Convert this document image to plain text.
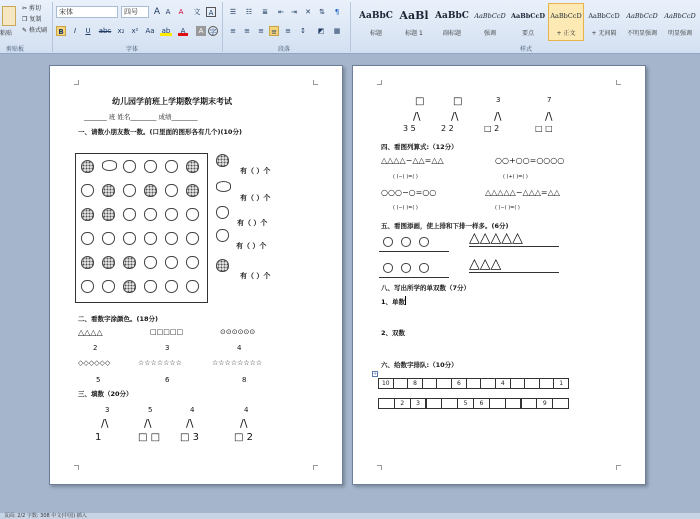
粘贴
✂ 剪切
❐ 复制
✎ 格式刷
剪贴板
宋体	四号	A A	A	文	A
B	I	U	abc x₂ x² Aa ab	A	A 字
字体
☰ ☷ ≣ ⇤ ⇥ ✕ ⇅	¶
≡ ≡ ≡ ≡ ≡ ↕ ◩ ▦
段落
AaBbC
标题
AaBl
标题 1
AaBbC
副标题
AaBbCcD
强调
AaBbCcD
要点
AaBbCcD
+ 正文
AaBbCcD
+ 无间隔
AaBbCcD
不明显强调
AaBbCcD
明显强调
样式
幼儿园学前班上学期数学期末考试
_______ 班 姓名________ 成绩________
一、请数小朋友数一数。(口里面的图形各有几个)(10分)
有（ ）个
有（ ）个
有（ ）个
有（ ）个
有（ ）个
二、看数字涂颜色。(18分)
△△△△	□□□□□	⊙⊙⊙⊙⊙⊙
2	3	4
◇◇◇◇◇◇	☆☆☆☆☆☆☆	☆☆☆☆☆☆☆☆
5	6	8
三、填数（20分）
3
/\
1
5
/\
□ □
4
/\
□ 3
4
/\
□ 2
□
/\
3 5
□
/\
2 2
3
/\
□ 2
7
/\
□ □
四、看图列算式:（12分）
△△△△−△△=△△	○○+○○=○○○○
( )−( )=( )	( )+( )=( )
○○○−○=○○	△△△△△−△△△=△△
( )−( )=( )	( )−( )=( )
五、看图添画，使上排和下排一样多。(6分)
△△△△△
△△△
八、写出所学的单双数（7分）
1、单数
2、双数
六、给数字排队:（10分）
+
10	8	6	4	1
2	3	5	6	9
页面: 2/2 字数: 308 中文(中国) 插入
